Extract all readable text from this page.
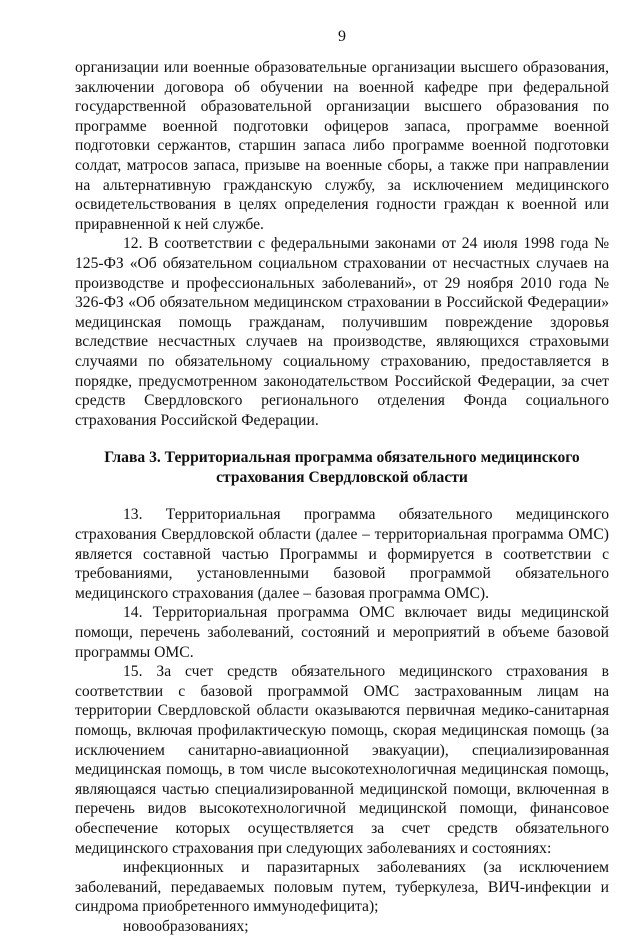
9

организации или военные образовательные организации высшего образования, заключении договора об обучении на военной кафедре при федеральной государственной образовательной организации высшего образования по программе военной подготовки офицеров запаса, программе военной подготовки сержантов, старшин запаса либо программе военной подготовки солдат, матросов запаса, призыве на военные сборы, а также при направлении на альтернативную гражданскую службу, за исключением медицинского освидетельствования в целях определения годности граждан к военной или приравненной к ней службе.

12. В соответствии с федеральными законами от 24 июля 1998 года № 125-ФЗ «Об обязательном социальном страховании от несчастных случаев на производстве и профессиональных заболеваний», от 29 ноября 2010 года № 326-ФЗ «Об обязательном медицинском страховании в Российской Федерации» медицинская помощь гражданам, получившим повреждение здоровья вследствие несчастных случаев на производстве, являющихся страховыми случаями по обязательному социальному страхованию, предоставляется в порядке, предусмотренном законодательством Российской Федерации, за счет средств Свердловского регионального отделения Фонда социального страхования Российской Федерации.

Глава 3. Территориальная программа обязательного медицинского страхования Свердловской области

13. Территориальная программа обязательного медицинского страхования Свердловской области (далее – территориальная программа ОМС) является составной частью Программы и формируется в соответствии с требованиями, установленными базовой программой обязательного медицинского страхования (далее – базовая программа ОМС).

14. Территориальная программа ОМС включает виды медицинской помощи, перечень заболеваний, состояний и мероприятий в объеме базовой программы ОМС.

15. За счет средств обязательного медицинского страхования в соответствии с базовой программой ОМС застрахованным лицам на территории Свердловской области оказываются первичная медико-санитарная помощь, включая профилактическую помощь, скорая медицинская помощь (за исключением санитарно-авиационной эвакуации), специализированная медицинская помощь, в том числе высокотехнологичная медицинская помощь, являющаяся частью специализированной медицинской помощи, включенная в перечень видов высокотехнологичной медицинской помощи, финансовое обеспечение которых осуществляется за счет средств обязательного медицинского страхования при следующих заболеваниях и состояниях:

инфекционных и паразитарных заболеваниях (за исключением заболеваний, передаваемых половым путем, туберкулеза, ВИЧ-инфекции и синдрома приобретенного иммунодефицита);

новообразованиях;
